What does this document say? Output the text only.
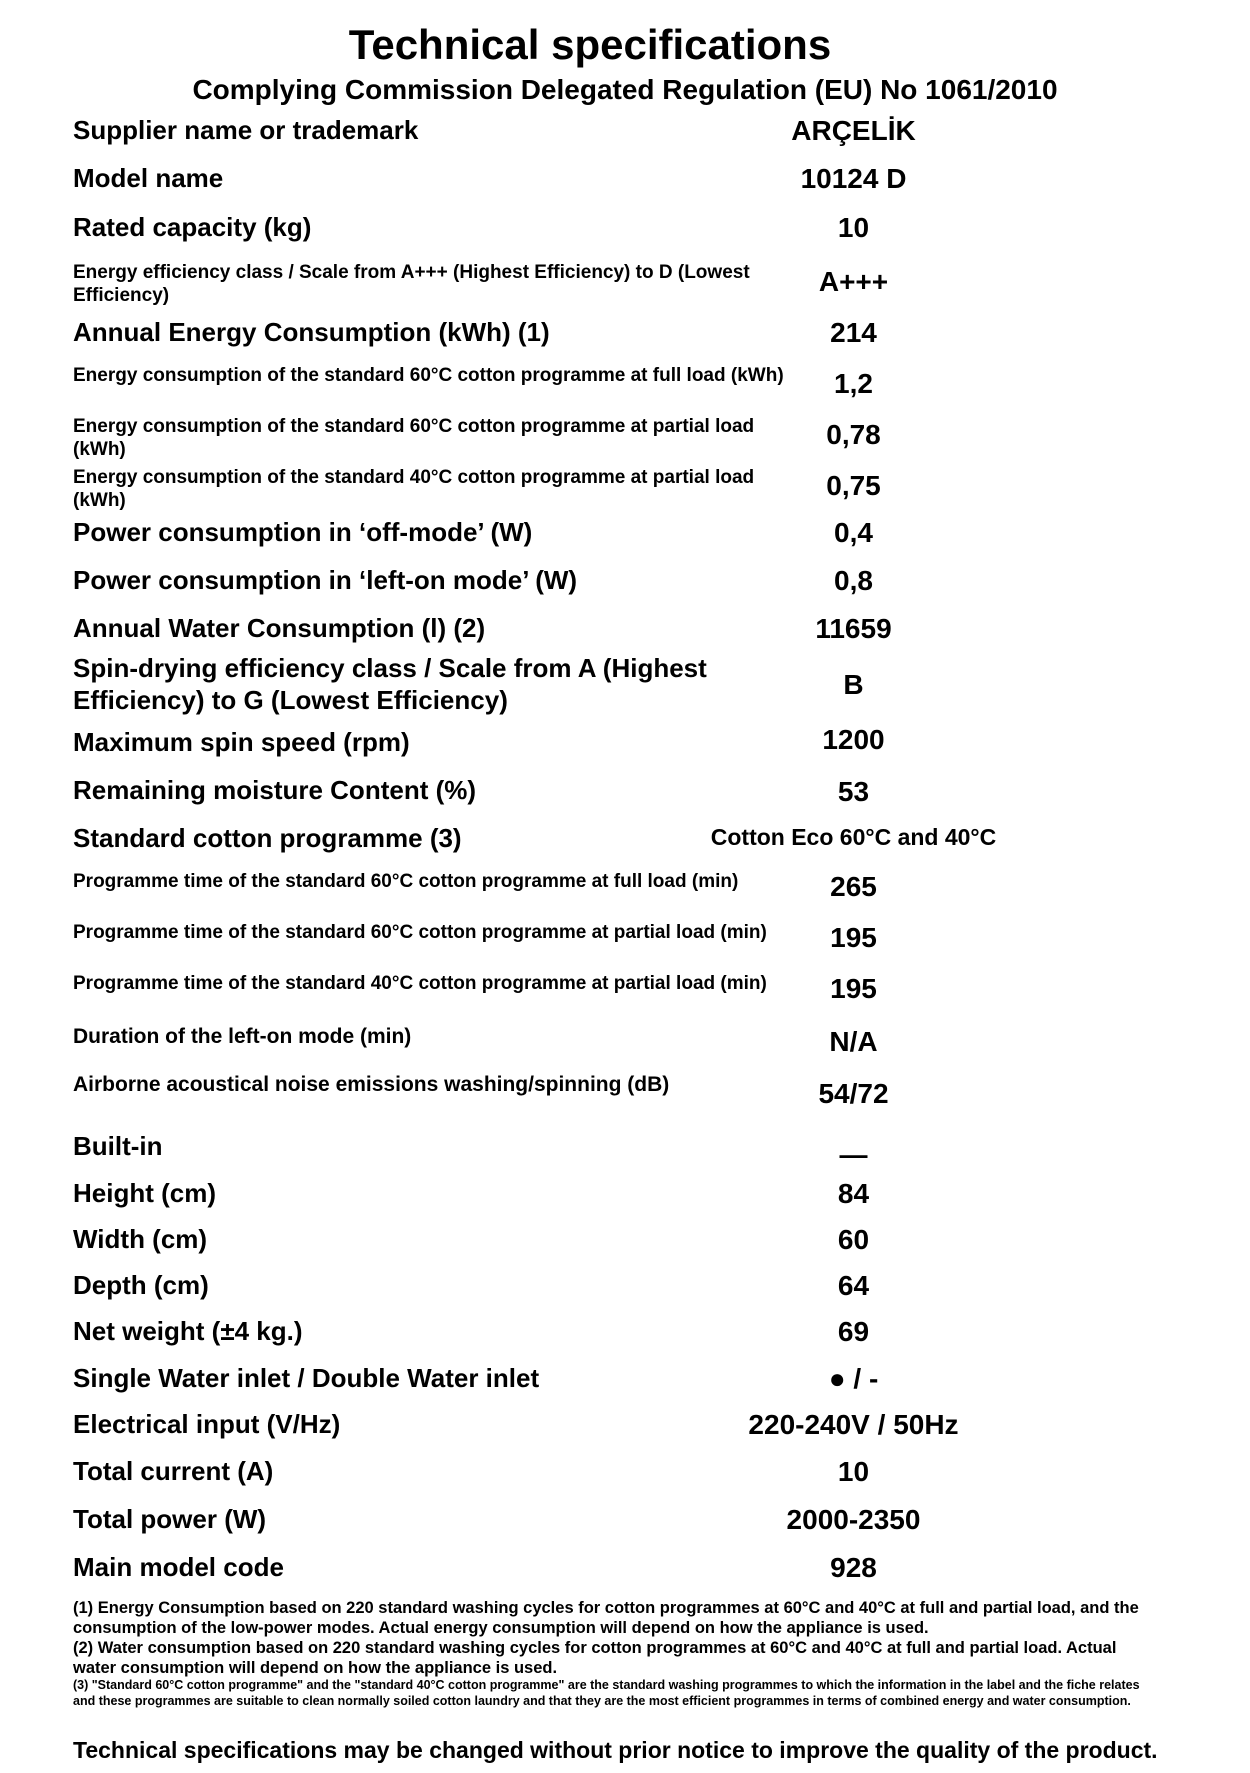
Technical specifications
Complying Commission Delegated Regulation (EU) No 1061/2010
Supplier name or trademark	ARÇELİK
Model name	10124 D
Rated capacity (kg)	10
Energy efficiency class / Scale from A+++ (Highest Efficiency) to D (Lowest Efficiency)	A+++
Annual Energy Consumption (kWh) (1)	214
Energy consumption of the standard 60°C cotton programme at full load (kWh)	1,2
Energy consumption of the standard 60°C cotton programme at partial load (kWh)	0,78
Energy consumption of the standard 40°C cotton programme at partial load (kWh)	0,75
Power consumption in ‘off-mode’ (W)	0,4
Power consumption in ‘left-on mode’ (W)	0,8
Annual Water Consumption (l) (2)	11659
Spin-drying efficiency class / Scale from A (Highest Efficiency) to G (Lowest Efficiency)	B
Maximum spin speed (rpm)	1200
Remaining moisture Content (%)	53
Standard cotton programme (3)	Cotton Eco 60°C and 40°C
Programme time of the standard 60°C cotton programme at full load (min)	265
Programme time of the standard 60°C cotton programme at partial load (min)	195
Programme time of the standard 40°C cotton programme at partial load (min)	195
Duration of the left-on mode (min)	N/A
Airborne acoustical noise emissions washing/spinning (dB)	54/72
Built-in	—
Height (cm)	84
Width (cm)	60
Depth (cm)	64
Net weight (±4 kg.)	69
Single Water inlet / Double Water inlet	● / -
Electrical input (V/Hz)	220-240V / 50Hz
Total current (A)	10
Total power (W)	2000-2350
Main model code	928
(1) Energy Consumption based on 220 standard washing cycles for cotton programmes at 60°C and 40°C at full and partial load, and the consumption of the low-power modes. Actual energy consumption will depend on how the appliance is used.
(2) Water consumption based on 220 standard washing cycles for cotton programmes at 60°C and 40°C at full and partial load. Actual water consumption will depend on how the appliance is used.
(3) "Standard 60°C cotton programme" and the "standard 40°C cotton programme" are the standard washing programmes to which the information in the label and the fiche relates and these programmes are suitable to clean normally soiled cotton laundry and that they are the most efficient programmes in terms of combined energy and water consumption.
Technical specifications may be changed without prior notice to improve the quality of the product.
